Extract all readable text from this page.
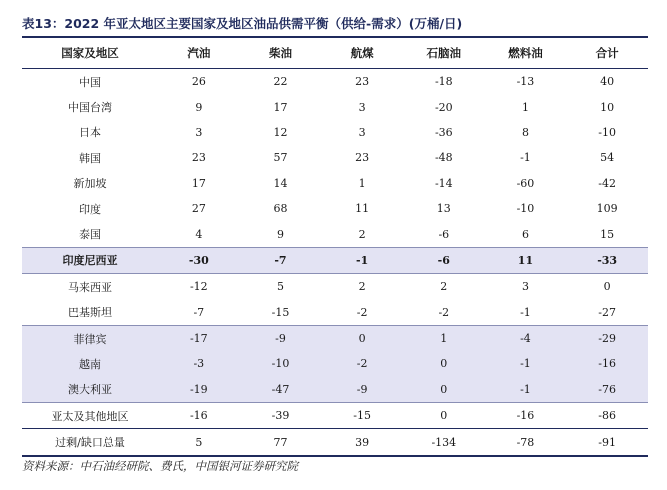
表13：2022 年亚太地区主要国家及地区油品供需平衡（供给-需求）(万桶/日)
国家及地区	汽油	柴油	航煤	石脑油	燃料油	合计
中国	26	22	23	-18	-13	40
中国台湾	9	17	3	-20	1	10
日本	3	12	3	-36	8	-10
韩国	23	57	23	-48	-1	54
新加坡	17	14	1	-14	-60	-42
印度	27	68	11	13	-10	109
泰国	4	9	2	-6	6	15
印度尼西亚	-30	-7	-1	-6	11	-33
马来西亚	-12	5	2	2	3	0
巴基斯坦	-7	-15	-2	-2	-1	-27
菲律宾	-17	-9	0	1	-4	-29
越南	-3	-10	-2	0	-1	-16
澳大利亚	-19	-47	-9	0	-1	-76
亚太及其他地区	-16	-39	-15	0	-16	-86
过剩/缺口总量	5	77	39	-134	-78	-91
资料来源：中石油经研院、费氏，中国银河证券研究院
